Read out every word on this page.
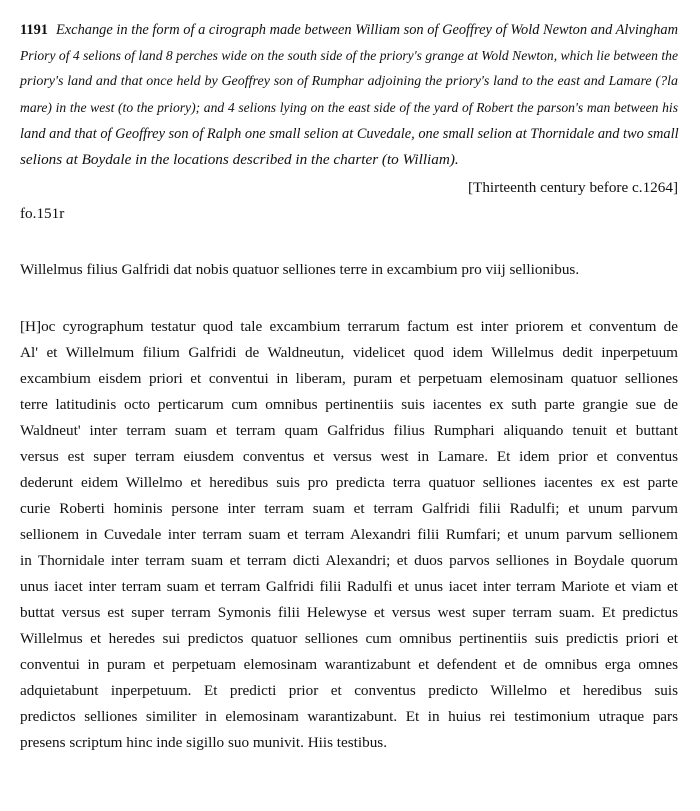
1191 Exchange in the form of a cirograph made between William son of Geoffrey of Wold Newton and Alvingham
Priory of 4 selions of land 8 perches wide on the south side of the priory's grange at Wold Newton, which lie between the
priory's land and that once held by Geoffrey son of Rumphar adjoining the priory's land to the east and Lamare (?la
mare) in the west (to the priory); and 4 selions lying on the east side of the yard of Robert the parson's man between his
land and that of Geoffrey son of Ralph one small selion at Cuvedale, one small selion at Thornidale and two small
selions at Boydale in the locations described in the charter (to William).
[Thirteenth century before c.1264]
fo.151r
Willelmus filius Galfridi dat nobis quatuor selliones terre in excambium pro viij sellionibus.
[H]oc cyrographum testatur quod tale excambium terrarum factum est inter priorem et conventum de
Al' et Willelmum filium Galfridi de Waldneutun, videlicet quod idem Willelmus dedit inperpetuum
excambium eisdem priori et conventui in liberam, puram et perpetuam elemosinam quatuor selliones
terre latitudinis octo perticarum cum omnibus pertinentiis suis iacentes ex suth parte grangie sue de
Waldneut' inter terram suam et terram quam Galfridus filius Rumphari aliquando tenuit et buttant
versus est super terram eiusdem conventus et versus west in Lamare. Et idem prior et conventus
dederunt eidem Willelmo et heredibus suis pro predicta terra quatuor selliones iacentes ex est parte
curie Roberti hominis persone inter terram suam et terram Galfridi filii Radulfi; et unum parvum
sellionem in Cuvedale inter terram suam et terram Alexandri filii Rumfari; et unum parvum sellionem
in Thornidale inter terram suam et terram dicti Alexandri; et duos parvos selliones in Boydale quorum
unus iacet inter terram suam et terram Galfridi filii Radulfi et unus iacet inter terram Mariote et viam et
buttat versus est super terram Symonis filii Helewyse et versus west super terram suam. Et predictus
Willelmus et heredes sui predictos quatuor selliones cum omnibus pertinentiis suis predictis priori et
conventui in puram et perpetuam elemosinam warantizabunt et defendent et de omnibus erga omnes
adquietabunt inperpetuum. Et predicti prior et conventus predicto Willelmo et heredibus suis
predictos selliones similiter in elemosinam warantizabunt. Et in huius rei testimonium utraque pars
presens scriptum hinc inde sigillo suo munivit. Hiis testibus.
